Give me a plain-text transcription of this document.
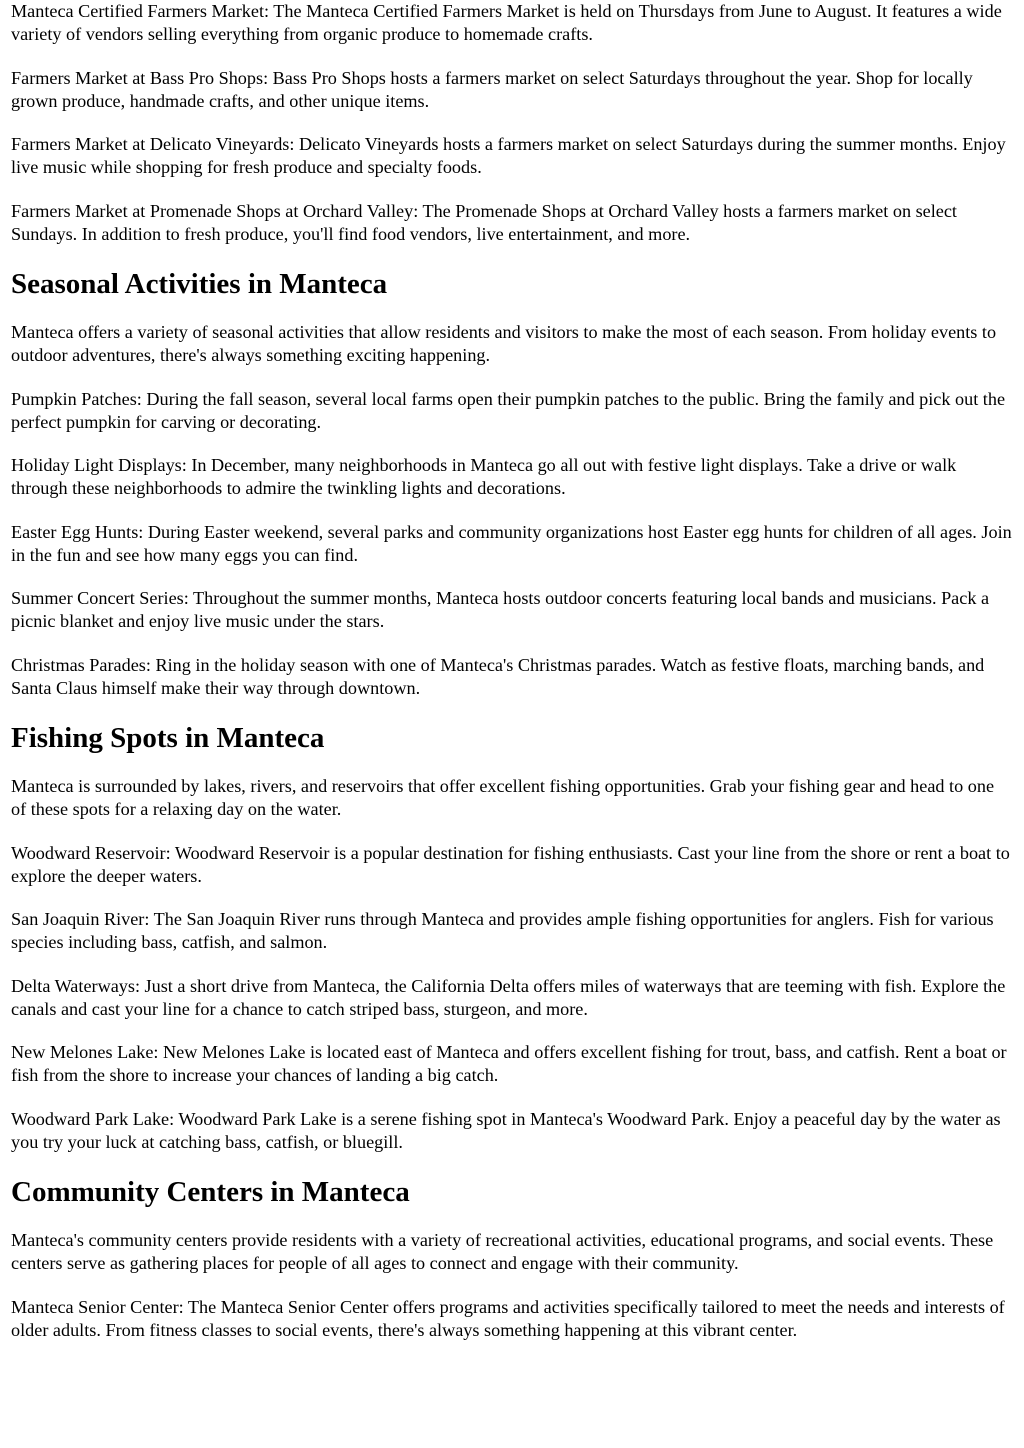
Manteca Certified Farmers Market: The Manteca Certified Farmers Market is held on Thursdays from June to August. It features a wide variety of vendors selling everything from organic produce to homemade crafts.

Farmers Market at Bass Pro Shops: Bass Pro Shops hosts a farmers market on select Saturdays throughout the year. Shop for locally grown produce, handmade crafts, and other unique items.

Farmers Market at Delicato Vineyards: Delicato Vineyards hosts a farmers market on select Saturdays during the summer months. Enjoy live music while shopping for fresh produce and specialty foods.

Farmers Market at Promenade Shops at Orchard Valley: The Promenade Shops at Orchard Valley hosts a farmers market on select Sundays. In addition to fresh produce, you'll find food vendors, live entertainment, and more.

Seasonal Activities in Manteca

Manteca offers a variety of seasonal activities that allow residents and visitors to make the most of each season. From holiday events to outdoor adventures, there's always something exciting happening.

Pumpkin Patches: During the fall season, several local farms open their pumpkin patches to the public. Bring the family and pick out the perfect pumpkin for carving or decorating.

Holiday Light Displays: In December, many neighborhoods in Manteca go all out with festive light displays. Take a drive or walk through these neighborhoods to admire the twinkling lights and decorations.

Easter Egg Hunts: During Easter weekend, several parks and community organizations host Easter egg hunts for children of all ages. Join in the fun and see how many eggs you can find.

Summer Concert Series: Throughout the summer months, Manteca hosts outdoor concerts featuring local bands and musicians. Pack a picnic blanket and enjoy live music under the stars.

Christmas Parades: Ring in the holiday season with one of Manteca's Christmas parades. Watch as festive floats, marching bands, and Santa Claus himself make their way through downtown.

Fishing Spots in Manteca

Manteca is surrounded by lakes, rivers, and reservoirs that offer excellent fishing opportunities. Grab your fishing gear and head to one of these spots for a relaxing day on the water.

Woodward Reservoir: Woodward Reservoir is a popular destination for fishing enthusiasts. Cast your line from the shore or rent a boat to explore the deeper waters.

San Joaquin River: The San Joaquin River runs through Manteca and provides ample fishing opportunities for anglers. Fish for various species including bass, catfish, and salmon.

Delta Waterways: Just a short drive from Manteca, the California Delta offers miles of waterways that are teeming with fish. Explore the canals and cast your line for a chance to catch striped bass, sturgeon, and more.

New Melones Lake: New Melones Lake is located east of Manteca and offers excellent fishing for trout, bass, and catfish. Rent a boat or fish from the shore to increase your chances of landing a big catch.

Woodward Park Lake: Woodward Park Lake is a serene fishing spot in Manteca's Woodward Park. Enjoy a peaceful day by the water as you try your luck at catching bass, catfish, or bluegill.

Community Centers in Manteca

Manteca's community centers provide residents with a variety of recreational activities, educational programs, and social events. These centers serve as gathering places for people of all ages to connect and engage with their community.

Manteca Senior Center: The Manteca Senior Center offers programs and activities specifically tailored to meet the needs and interests of older adults. From fitness classes to social events, there's always something happening at this vibrant center.
